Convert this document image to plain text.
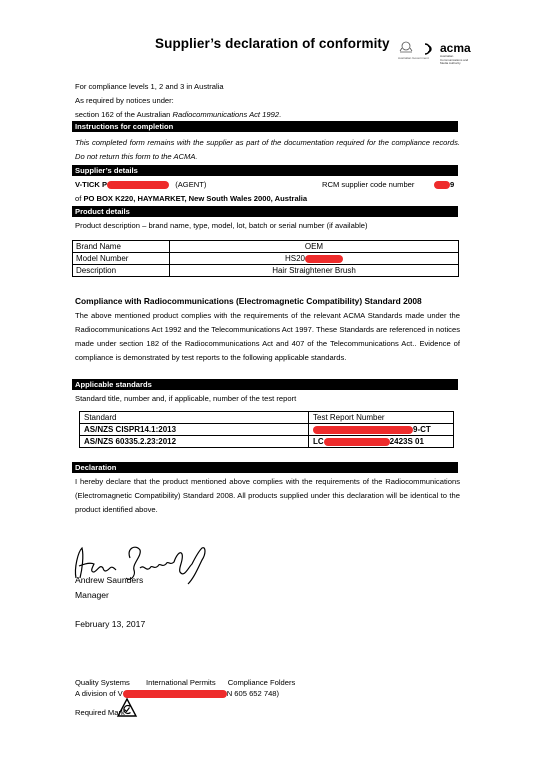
Supplier’s declaration of conformity
Australian Government
acma
Australian Communications and Media Authority
For compliance levels 1, 2 and 3 in Australia
As required by notices under:
section 162 of the Australian Radiocommunications Act 1992.
Instructions for completion
This completed form remains with the supplier as part of the documentation required for the compliance records. Do not return this form to the ACMA.
Supplier’s details
V-TICK P	(AGENT)	RCM supplier code number	9
of PO BOX K220, HAYMARKET, New South Wales 2000, Australia
Product details
Product description – brand name, type, model, lot, batch or serial number (if available)
Brand Name	OEM
Model Number	HS20
Description	Hair Straightener Brush
Compliance with Radiocommunications (Electromagnetic Compatibility) Standard 2008
The above mentioned product complies with the requirements of the relevant ACMA Standards made under the Radiocommunications Act 1992 and the Telecommunications Act 1997. These Standards are referenced in notices made under section 182 of the Radiocommunications Act and 407 of the Telecommunications Act.. Evidence of compliance is demonstrated by test reports to the following applicable standards.
Applicable standards
Standard title, number and, if applicable, number of the test report
Standard	Test Report Number
AS/NZS CISPR14.1:2013	9-CT
AS/NZS 60335.2.23:2012	LC 2423S 01
Declaration
I hereby declare that the product mentioned above complies with the requirements of the Radiocommunications (Electromagnetic Compatibility) Standard 2008. All products supplied under this declaration will be identical to the product identified above.
Andrew Saunders
Manager
February 13, 2017
Quality Systems International Permits Compliance Folders
A division of V	N 605 652 748)
Required Mark
